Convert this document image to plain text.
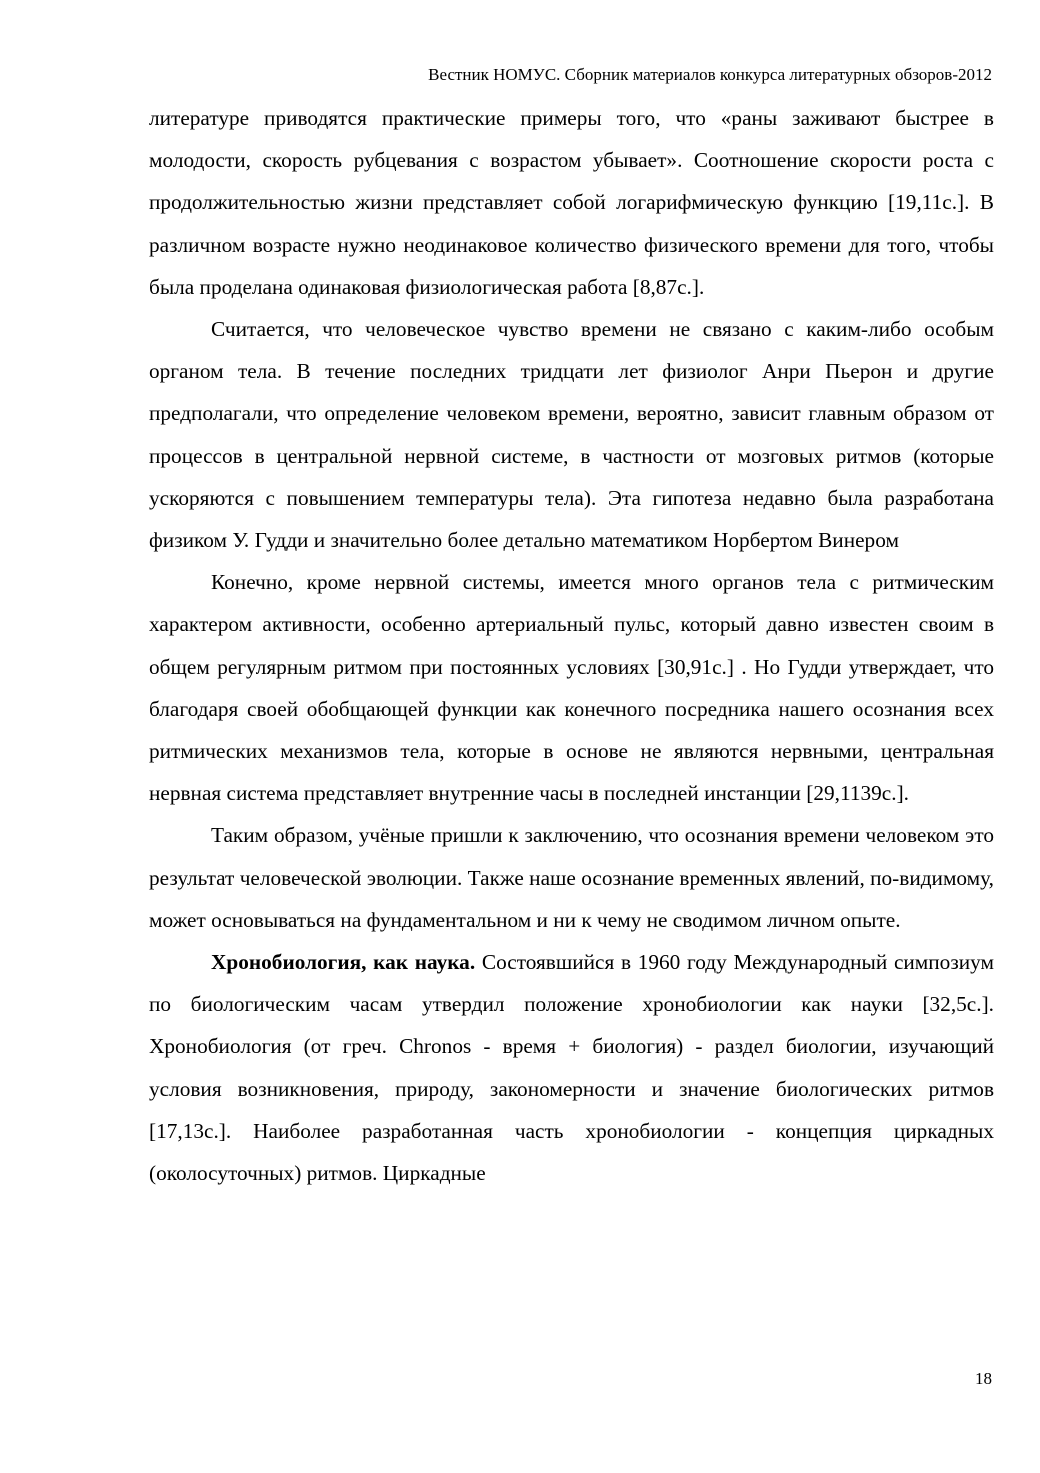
Вестник НОМУС. Сборник материалов конкурса литературных обзоров-2012

литературе приводятся практические примеры того, что «раны заживают быстрее в молодости, скорость рубцевания с возрастом убывает». Соотношение скорости роста с продолжительностью жизни представляет собой логарифмическую функцию [19,11с.]. В различном возрасте нужно неодинаковое количество физического времени для того, чтобы была проделана одинаковая физиологическая работа [8,87с.].

Считается, что человеческое чувство времени не связано с каким-либо особым органом тела. В течение последних тридцати лет физиолог Анри Пьерон и другие предполагали, что определение человеком времени, вероятно, зависит главным образом от процессов в центральной нервной системе, в частности от мозговых ритмов (которые ускоряются с повышением температуры тела). Эта гипотеза недавно была разработана физиком У. Гудди и значительно более детально математиком Норбертом Винером

Конечно, кроме нервной системы, имеется много органов тела с ритмическим характером активности, особенно артериальный пульс, который давно известен своим в общем регулярным ритмом при постоянных условиях [30,91с.] . Но Гудди утверждает, что благодаря своей обобщающей функции как конечного посредника нашего осознания всех ритмических механизмов тела, которые в основе не являются нервными, центральная нервная система представляет внутренние часы в последней инстанции [29,1139с.].

Таким образом, учёные пришли к заключению, что осознания времени человеком это результат человеческой эволюции. Также наше осознание временных явлений, по-видимому, может основываться на фундаментальном и ни к чему не сводимом личном опыте.

Хронобиология, как наука. Состоявшийся в 1960 году Международный симпозиум по биологическим часам утвердил положение хронобиологии как науки [32,5с.]. Хронобиология (от греч. Chronos - время + биология) - раздел биологии, изучающий условия возникновения, природу, закономерности и значение биологических ритмов [17,13с.]. Наиболее разработанная часть хронобиологии - концепция циркадных (околосуточных) ритмов. Циркадные

18
